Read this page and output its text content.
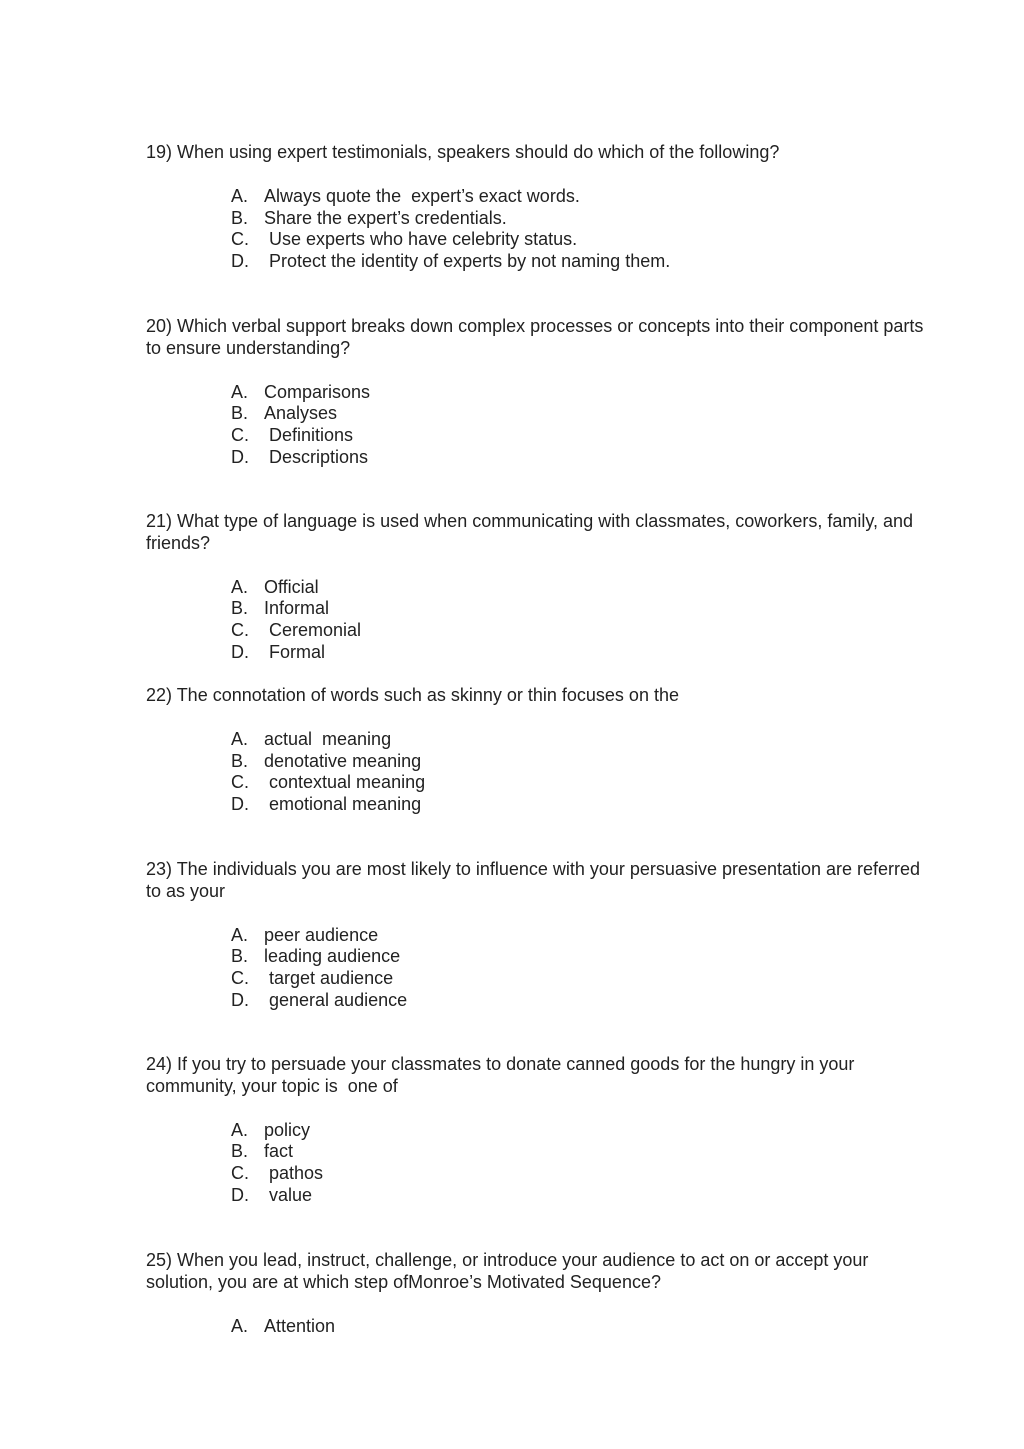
19) When using expert testimonials, speakers should do which of the following?

A. Always quote the  expert’s exact words.
B. Share the expert’s credentials.
C. Use experts who have celebrity status.
D. Protect the identity of experts by not naming them.

20) Which verbal support breaks down complex processes or concepts into their component parts to ensure understanding?

A. Comparisons
B. Analyses
C. Definitions
D. Descriptions

21) What type of language is used when communicating with classmates, coworkers, family, and friends?

A. Official
B. Informal
C. Ceremonial
D. Formal

22) The connotation of words such as skinny or thin focuses on the

A. actual  meaning
B. denotative meaning
C. contextual meaning
D. emotional meaning

23) The individuals you are most likely to influence with your persuasive presentation are referred to as your

A. peer audience
B. leading audience
C. target audience
D. general audience

24) If you try to persuade your classmates to donate canned goods for the hungry in your community, your topic is  one of

A. policy
B. fact
C. pathos
D. value

25) When you lead, instruct, challenge, or introduce your audience to act on or accept your solution, you are at which step ofMonroe’s Motivated Sequence?

A. Attention
